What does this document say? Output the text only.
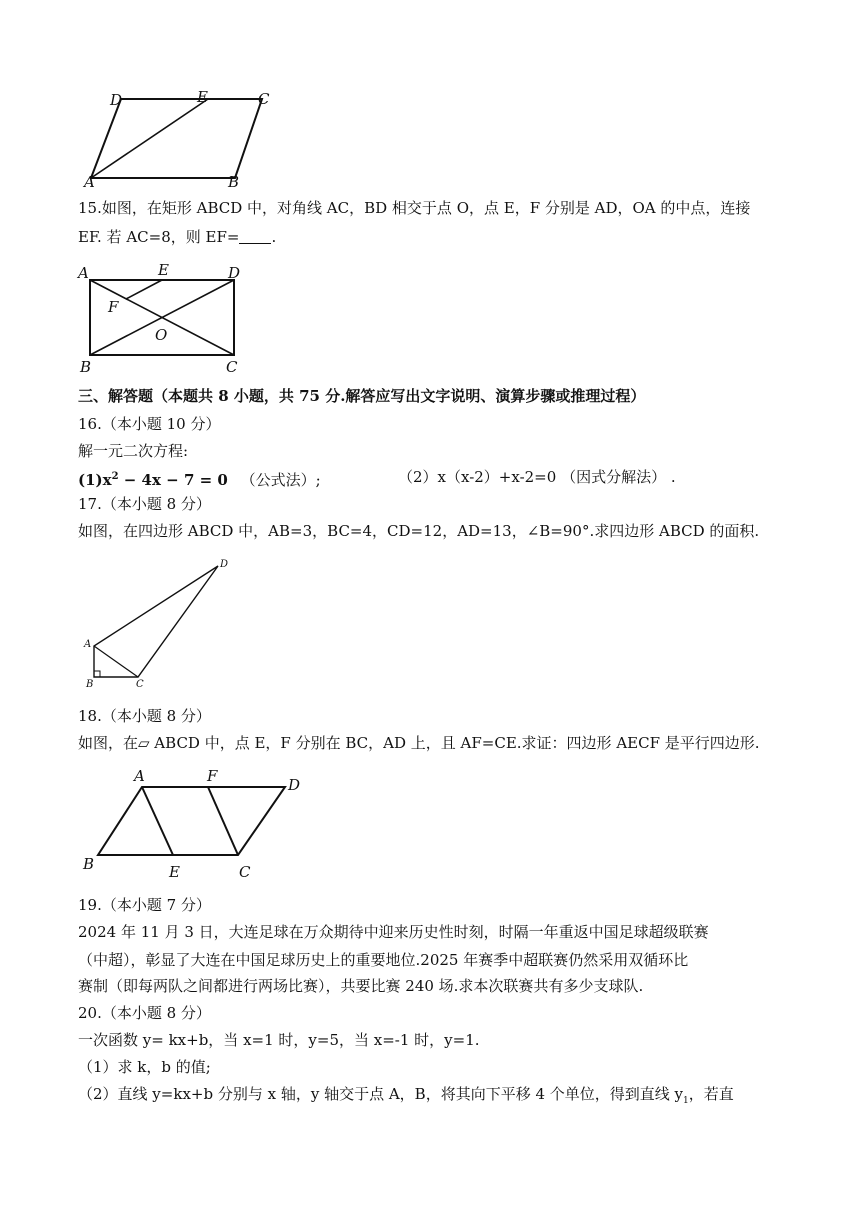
D	E	C
A	B
15.如图，在矩形 ABCD 中，对角线 AC，BD 相交于点 O，点 E，F 分别是 AD，OA 的中点，连接
EF. 若 AC=8，则 EF= .
A	E	D
F
O
B	C
三、解答题（本题共 8 小题，共 75 分.解答应写出文字说明、演算步骤或推理过程）
16.（本小题 10 分）
解一元二次方程:
$(1)x^2 - 4x - 7 = 0$ （公式法）;	（2）x（x-2）+x-2=0 （因式分解法） .
17.（本小题 8 分）
如图，在四边形 ABCD 中，AB=3，BC=4，CD=12，AD=13，∠B=90°.求四边形 ABCD 的面积.
A
B	C
D
18.（本小题 8 分）
如图，在▱ ABCD 中，点 E，F 分别在 BC，AD 上，且 AF=CE.求证：四边形 AECF 是平行四边形.
A	F	D
B	E	C
19.（本小题 7 分）
2024 年 11 月 3 日，大连足球在万众期待中迎来历史性时刻，时隔一年重返中国足球超级联赛
（中超），彰显了大连在中国足球历史上的重要地位.2025 年赛季中超联赛仍然采用双循环比
赛制（即每两队之间都进行两场比赛），共要比赛 240 场.求本次联赛共有多少支球队.
20.（本小题 8 分）
一次函数 y= kx+b，当 x=1 时，y=5，当 x=-1 时，y=1.
（1）求 k，b 的值;
（2）直线 y=kx+b 分别与 x 轴，y 轴交于点 A，B，将其向下平移 4 个单位，得到直线 $y_1$，若直
